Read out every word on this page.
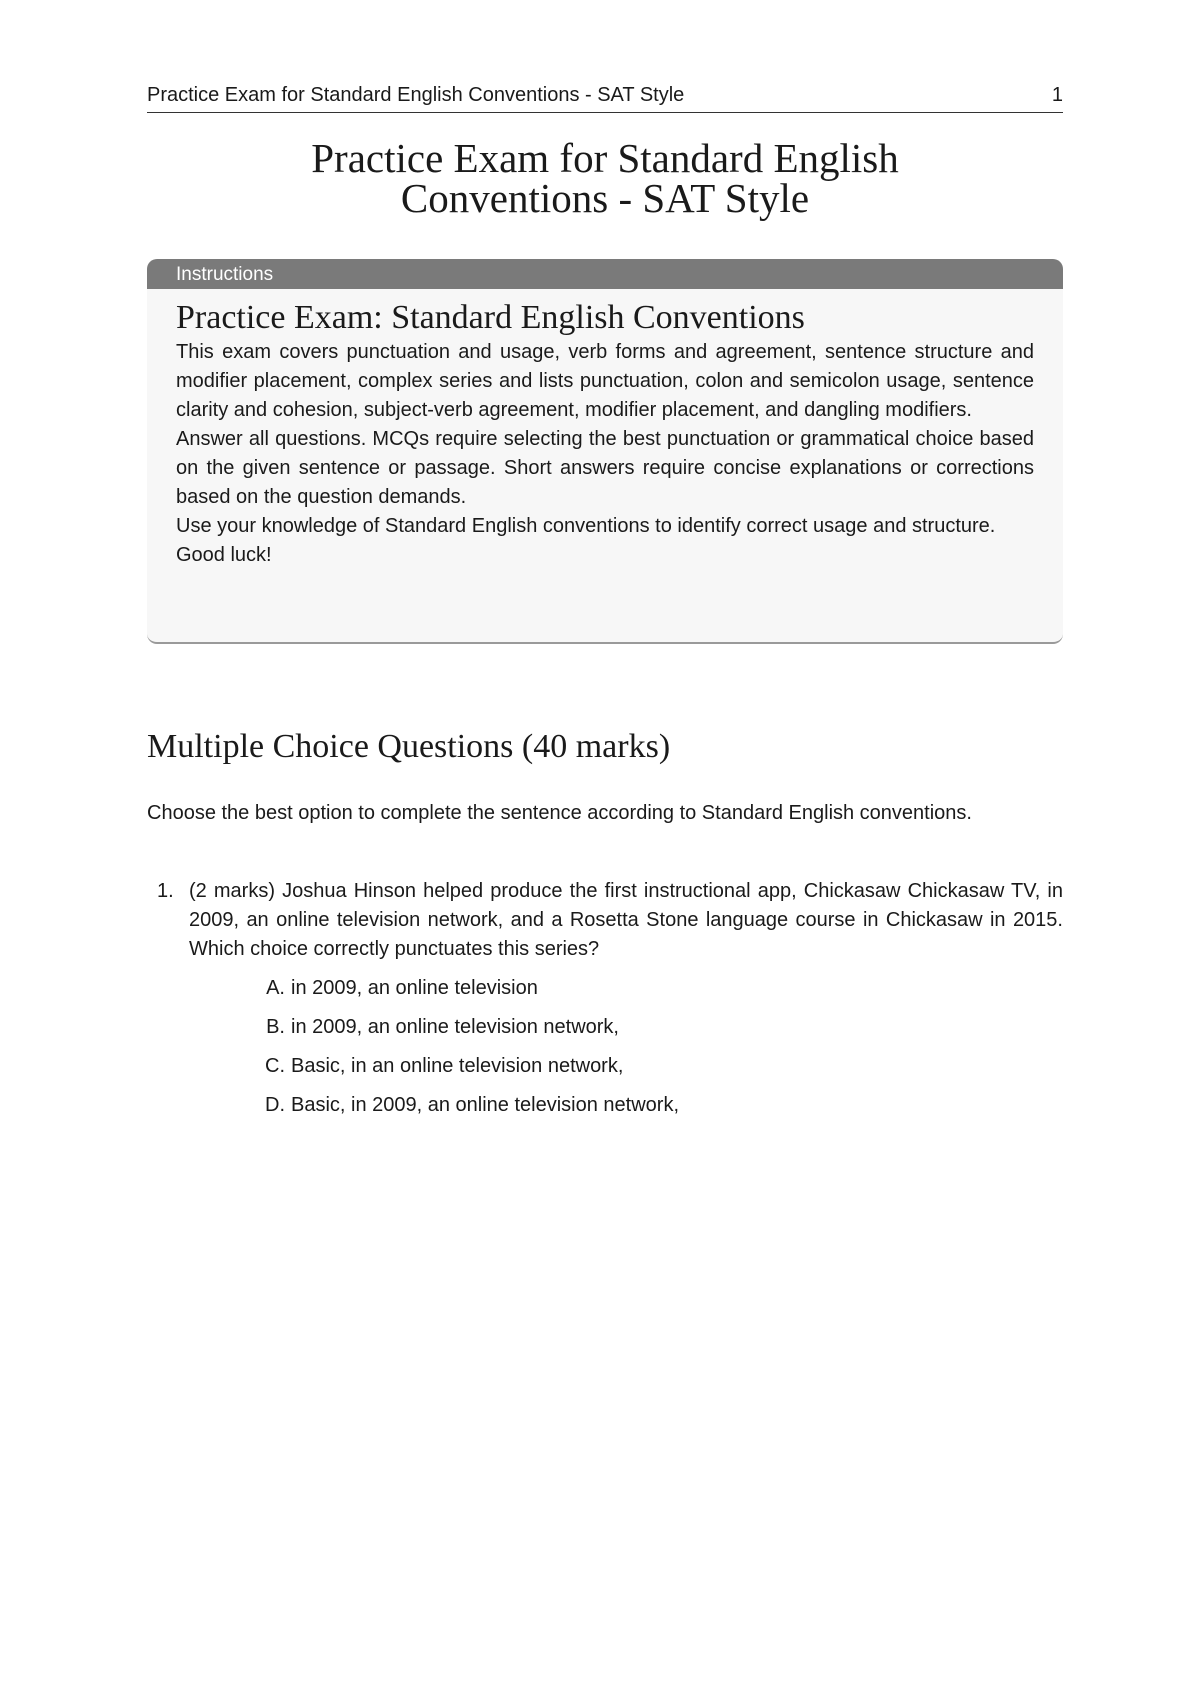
Practice Exam for Standard English Conventions - SAT Style	1
Practice Exam for Standard English
Conventions - SAT Style
Instructions
Practice Exam: Standard English Conventions

This exam covers punctuation and usage, verb forms and agreement, sentence structure and modifier placement, complex series and lists punctuation, colon and semicolon usage, sentence clarity and cohesion, subject-verb agreement, modifier placement, and dangling modifiers.

Answer all questions. MCQs require selecting the best punctuation or grammatical choice based on the given sentence or passage. Short answers require concise explanations or corrections based on the question demands.

Use your knowledge of Standard English conventions to identify correct usage and structure.

Good luck!

Multiple Choice Questions (40 marks)

Choose the best option to complete the sentence according to Standard English conventions.

1. (2 marks) Joshua Hinson helped produce the first instructional app, Chickasaw Chickasaw TV, in 2009, an online television network, and a Rosetta Stone language course in Chickasaw in 2015. Which choice correctly punctuates this series?
A. in 2009, an online television
B. in 2009, an online television network,
C. Basic, in an online television network,
D. Basic, in 2009, an online television network,
